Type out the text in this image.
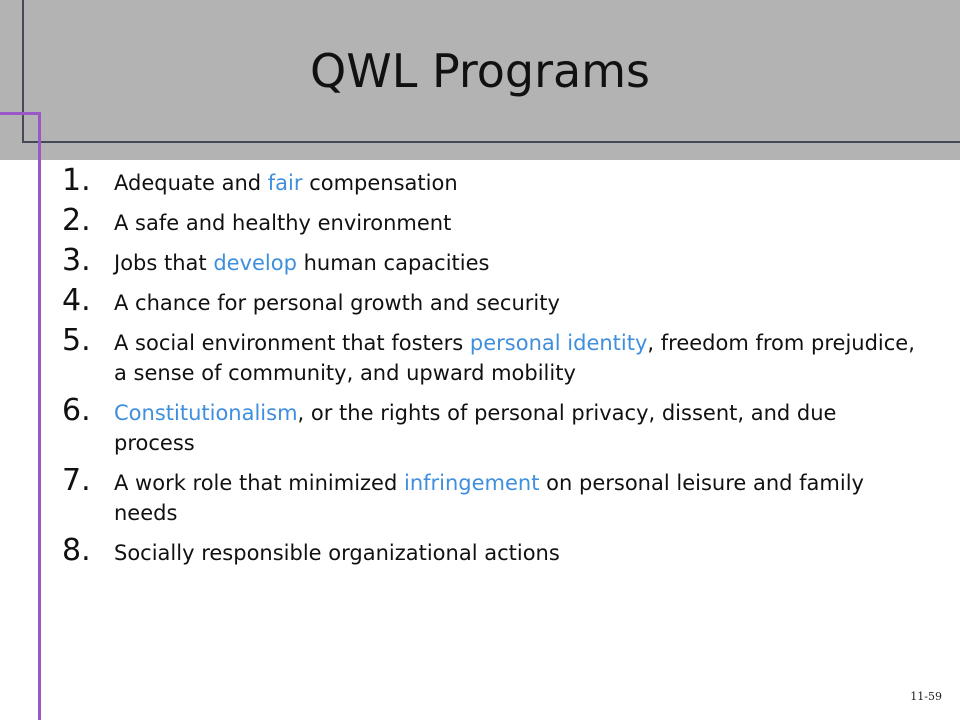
QWL Programs
1. Adequate and fair compensation
2. A safe and healthy environment
3. Jobs that develop human capacities
4. A chance for personal growth and security
5. A social environment that fosters personal identity, freedom from prejudice, a sense of community, and upward mobility
6. Constitutionalism, or the rights of personal privacy, dissent, and due process
7. A work role that minimized infringement on personal leisure and family needs
8. Socially responsible organizational actions
11-59
